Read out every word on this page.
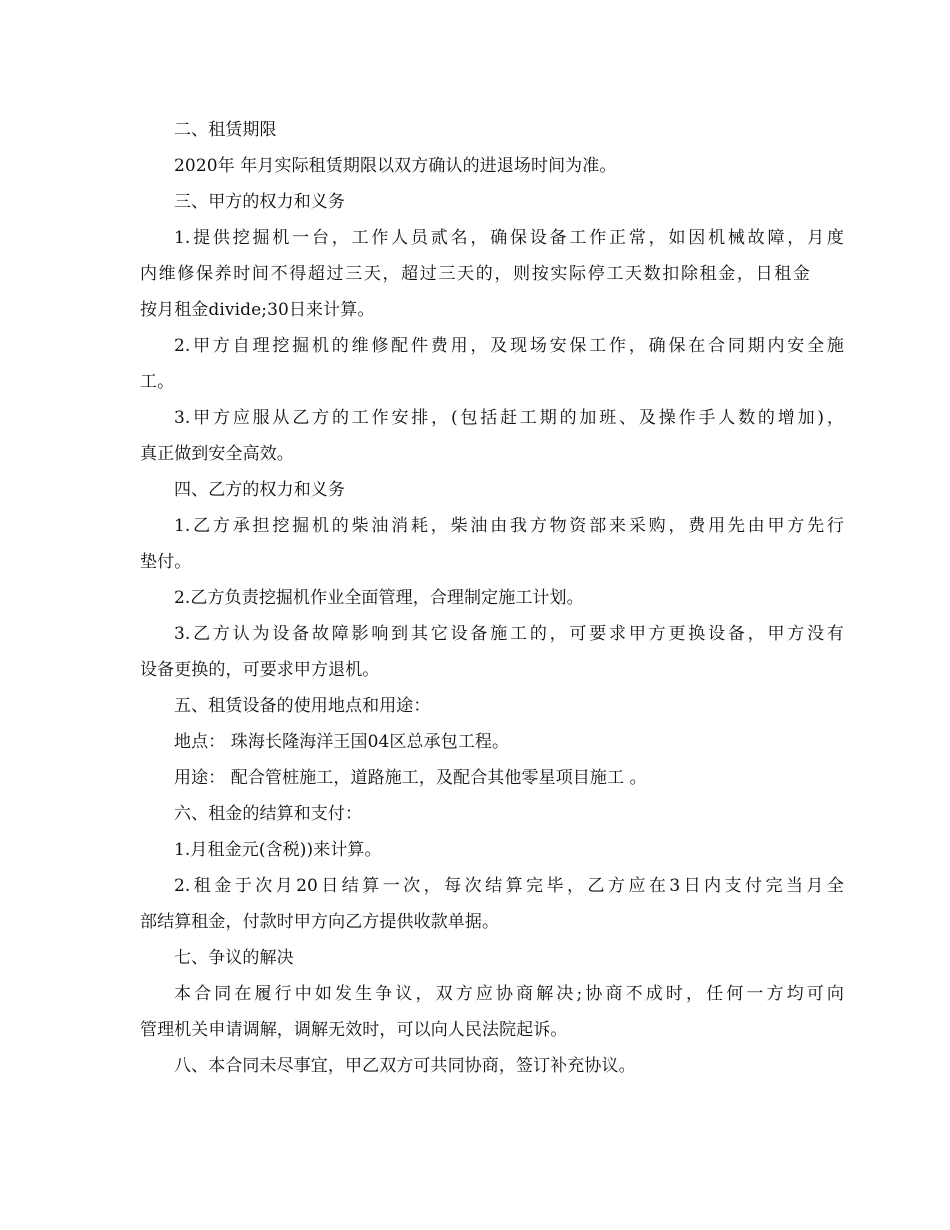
二、租赁期限
2020年 年月实际租赁期限以双方确认的进退场时间为准。
三、甲方的权力和义务
1.提供挖掘机一台，工作人员贰名，确保设备工作正常，如因机械故障，月度
内维修保养时间不得超过三天，超过三天的，则按实际停工天数扣除租金，日租金
按月租金divide;30日来计算。
2.甲方自理挖掘机的维修配件费用，及现场安保工作，确保在合同期内安全施
工。
3.甲方应服从乙方的工作安排，(包括赶工期的加班、及操作手人数的增加)，
真正做到安全高效。
四、乙方的权力和义务
1.乙方承担挖掘机的柴油消耗，柴油由我方物资部来采购，费用先由甲方先行
垫付。
2.乙方负责挖掘机作业全面管理，合理制定施工计划。
3.乙方认为设备故障影响到其它设备施工的，可要求甲方更换设备，甲方没有
设备更换的，可要求甲方退机。
五、租赁设备的使用地点和用途：
地点： 珠海长隆海洋王国04区总承包工程。
用途： 配合管桩施工，道路施工，及配合其他零星项目施工 。
六、租金的结算和支付：
1.月租金元(含税))来计算。
2.租金于次月20日结算一次，每次结算完毕，乙方应在3日内支付完当月全
部结算租金，付款时甲方向乙方提供收款单据。
七、争议的解决
本合同在履行中如发生争议，双方应协商解决;协商不成时，任何一方均可向
管理机关申请调解，调解无效时，可以向人民法院起诉。
八、本合同未尽事宜，甲乙双方可共同协商，签订补充协议。
